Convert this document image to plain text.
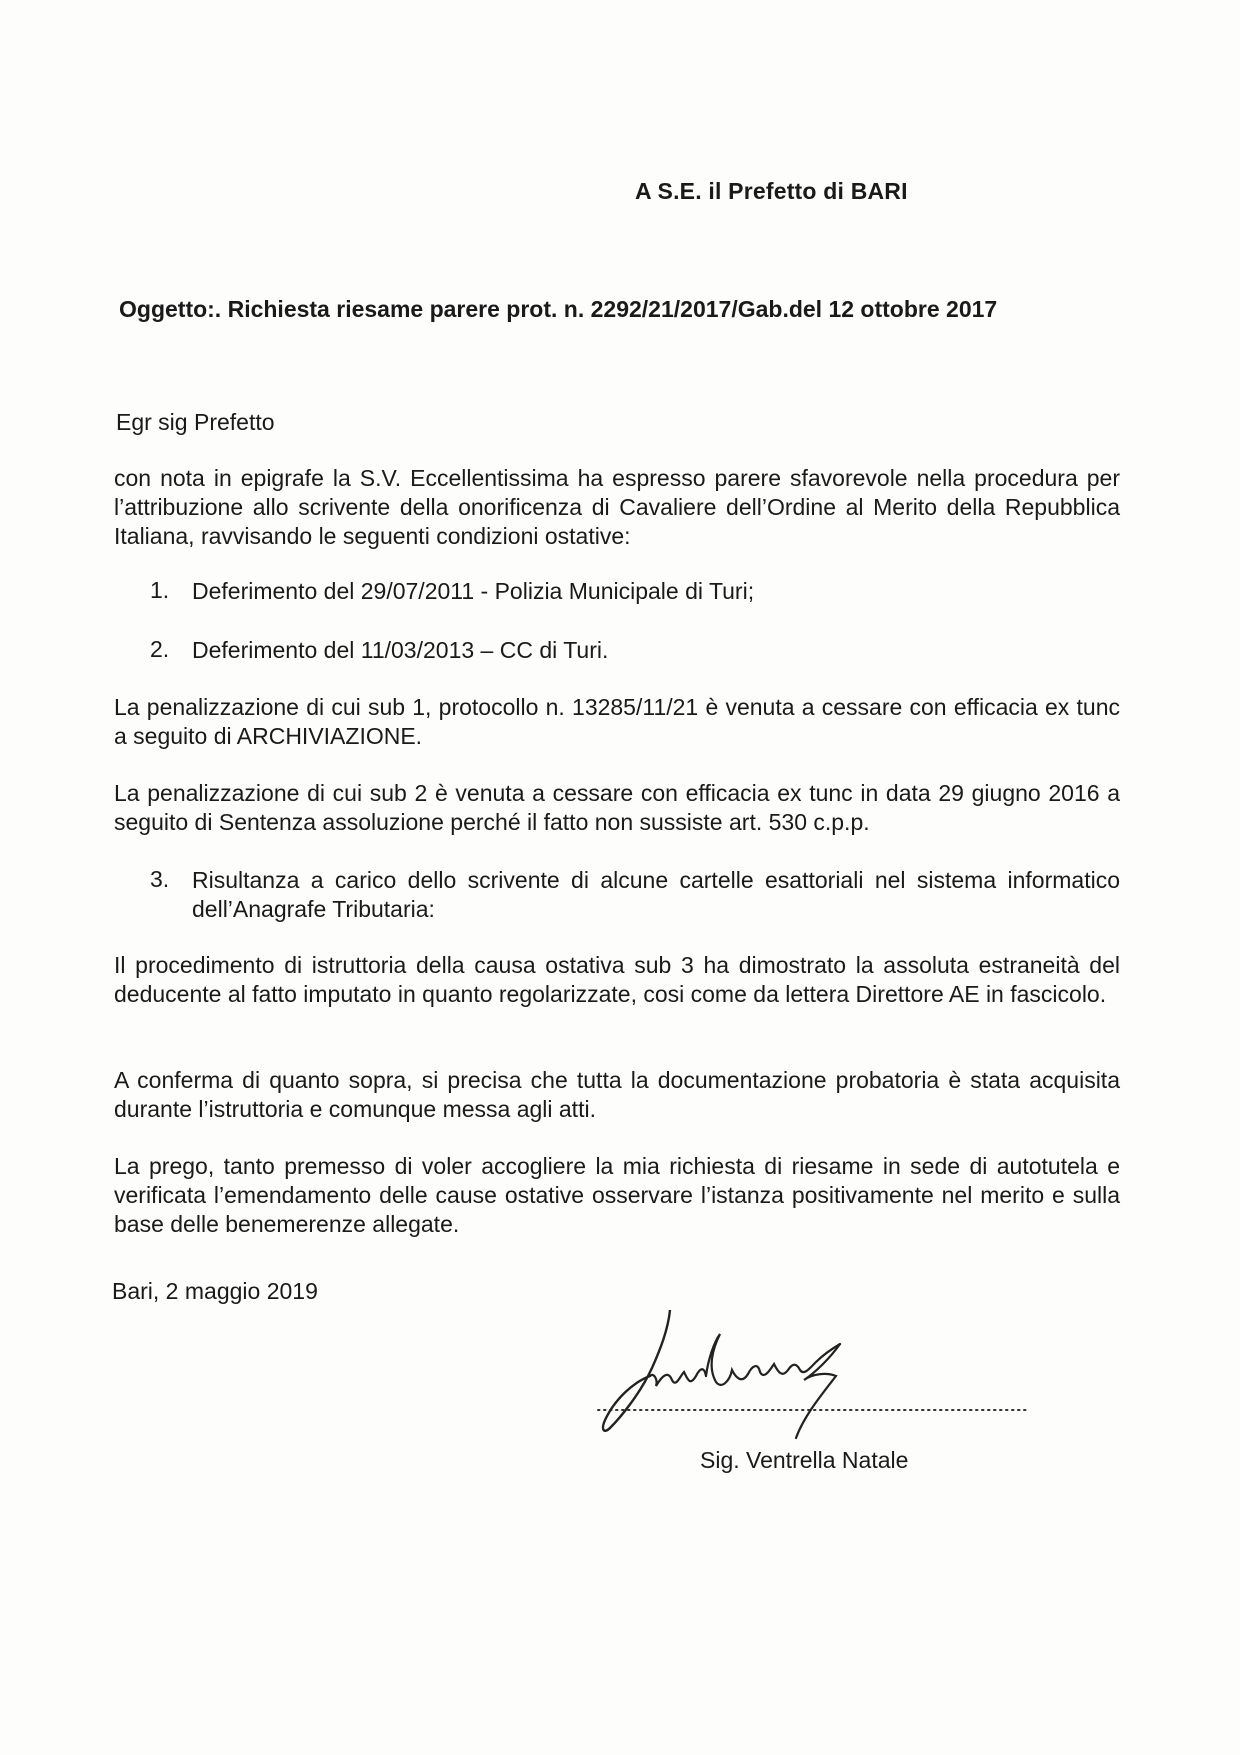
A S.E. il Prefetto di BARI
Oggetto:. Richiesta riesame parere prot. n. 2292/21/2017/Gab.del 12 ottobre 2017
Egr sig Prefetto
con nota in epigrafe la S.V. Eccellentissima ha espresso parere sfavorevole nella procedura per l’attribuzione allo scrivente della onorificenza di Cavaliere dell’Ordine al Merito della Repubblica Italiana, ravvisando le seguenti condizioni ostative:
1. Deferimento del 29/07/2011 - Polizia Municipale di Turi;
2. Deferimento del 11/03/2013 – CC di Turi.
La penalizzazione di cui sub 1, protocollo n. 13285/11/21 è venuta a cessare con efficacia ex tunc a seguito di ARCHIVIAZIONE.
La penalizzazione di cui sub 2 è venuta a cessare con efficacia ex tunc in data 29 giugno 2016 a seguito di Sentenza assoluzione perché il fatto non sussiste art. 530 c.p.p.
3. Risultanza a carico dello scrivente di alcune cartelle esattoriali nel sistema informatico dell’Anagrafe Tributaria:
Il procedimento di istruttoria della causa ostativa sub 3 ha dimostrato la assoluta estraneità del deducente al fatto imputato in quanto regolarizzate, cosi come da lettera Direttore AE in fascicolo.
A conferma di quanto sopra, si precisa che tutta la documentazione probatoria è stata acquisita durante l’istruttoria e comunque messa agli atti.
La prego, tanto premesso di voler accogliere la mia richiesta di riesame in sede di autotutela e verificata l’emendamento delle cause ostative osservare l’istanza positivamente nel merito e sulla base delle benemerenze allegate.
Bari, 2 maggio 2019
Sig. Ventrella Natale
